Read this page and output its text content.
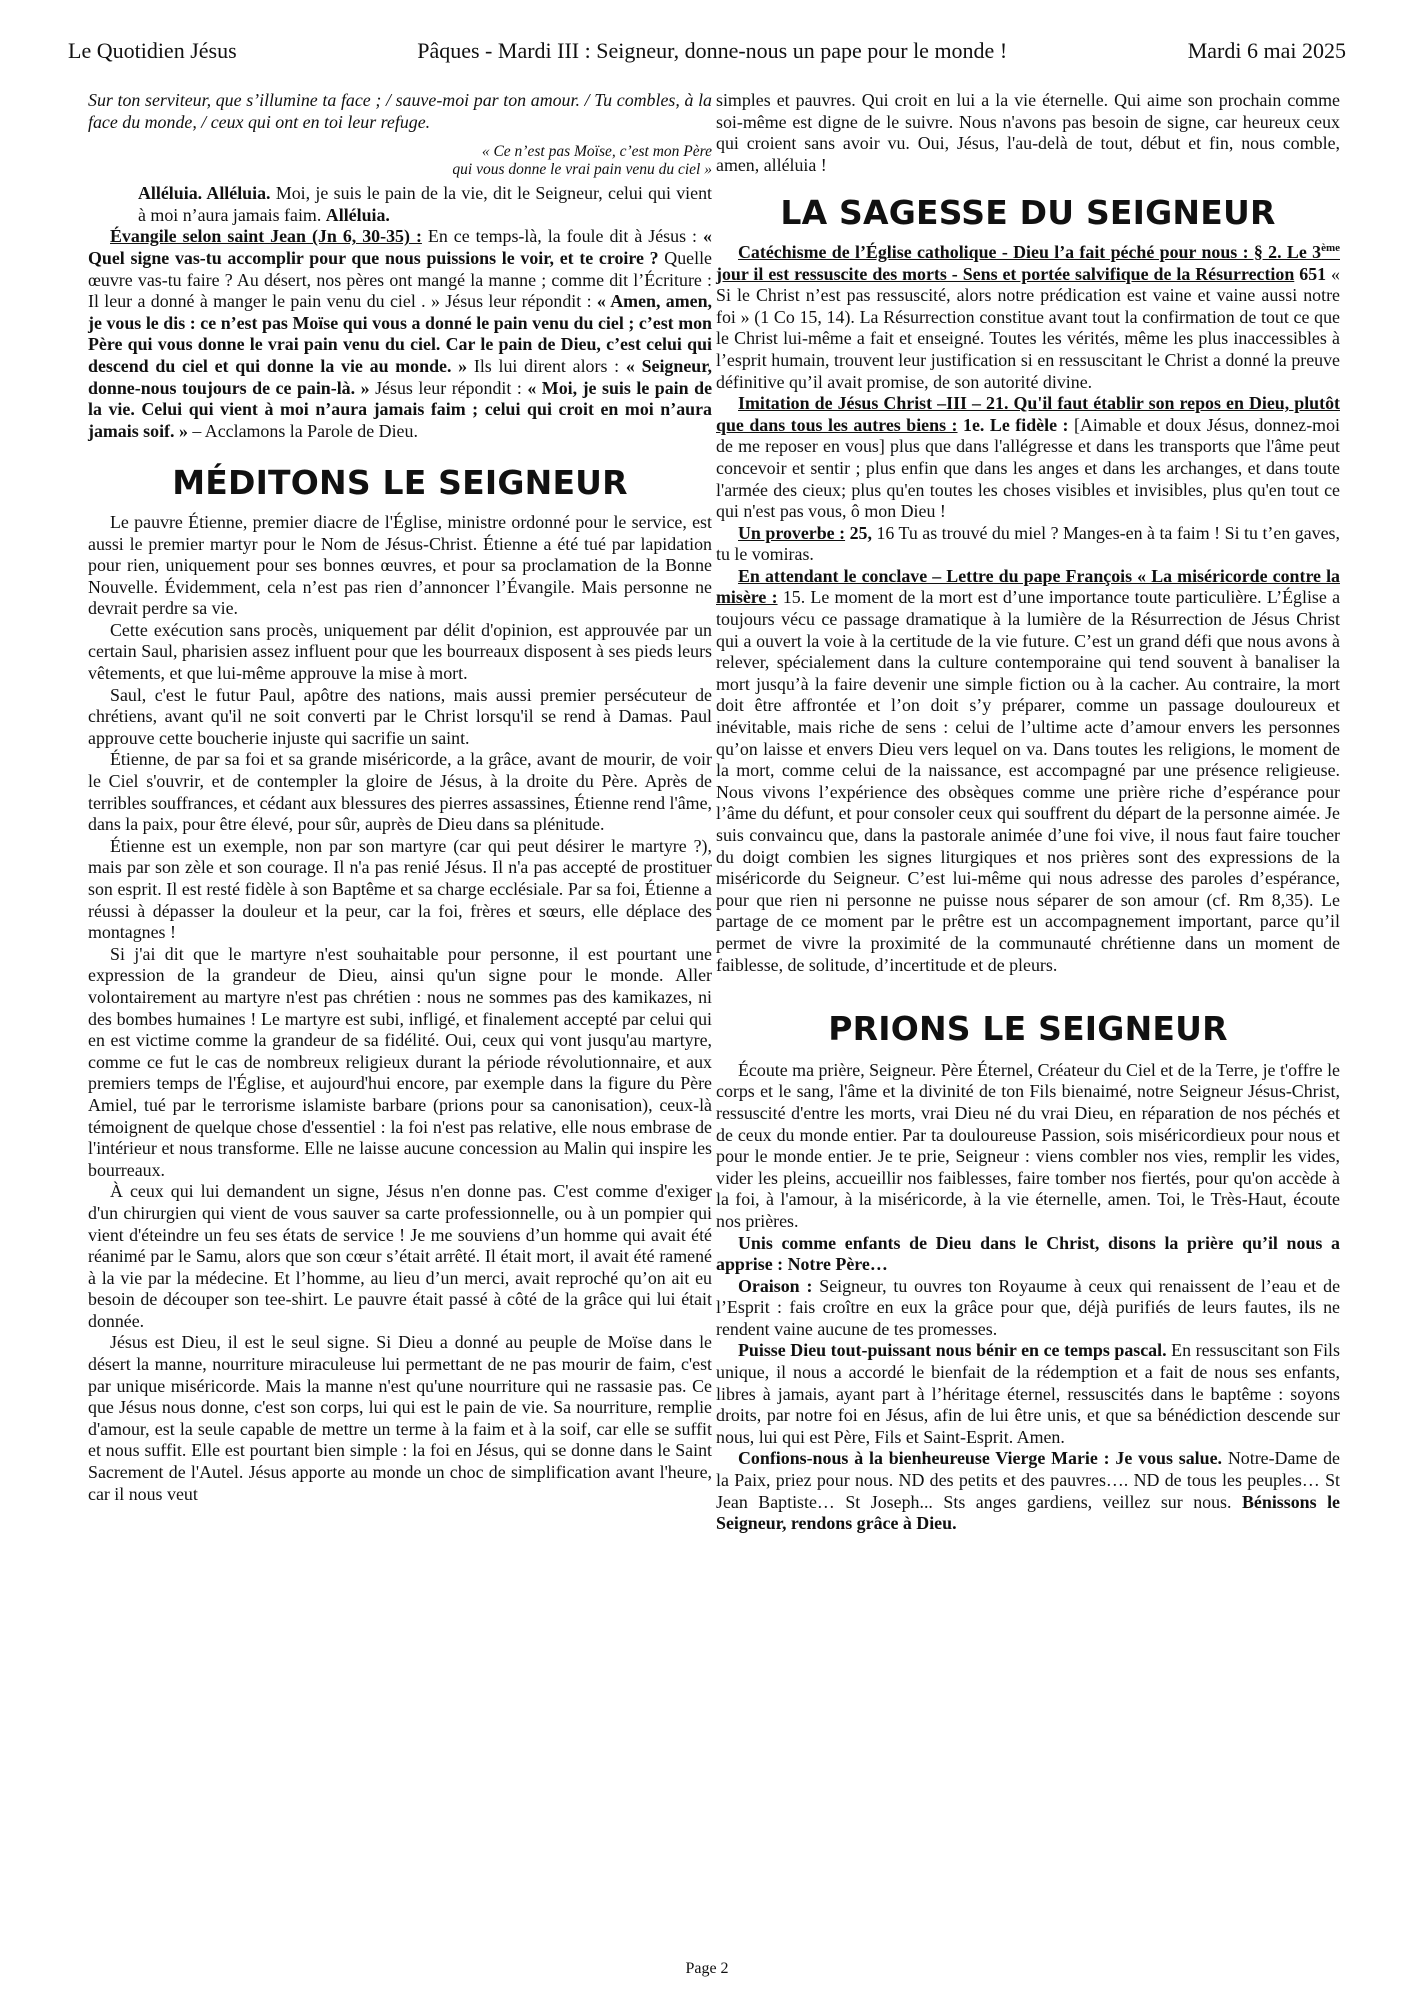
Le Quotidien Jésus	Pâques - Mardi III : Seigneur, donne-nous un pape pour le monde !	Mardi 6 mai 2025

Sur ton serviteur, que s’illumine ta face ; / sauve-moi par ton amour. / Tu combles, à la face du monde, / ceux qui ont en toi leur refuge.

« Ce n’est pas Moïse, c’est mon Père
qui vous donne le vrai pain venu du ciel »

Alléluia. Alléluia. Moi, je suis le pain de la vie, dit le Seigneur, celui qui vient à moi n’aura jamais faim. Alléluia.

Évangile selon saint Jean (Jn 6, 30-35) : En ce temps-là, la foule dit à Jésus : « Quel signe vas-tu accomplir pour que nous puissions le voir, et te croire ? Quelle œuvre vas-tu faire ? Au désert, nos pères ont mangé la manne ; comme dit l’Écriture : Il leur a donné à manger le pain venu du ciel . » Jésus leur répondit : « Amen, amen, je vous le dis : ce n’est pas Moïse qui vous a donné le pain venu du ciel ; c’est mon Père qui vous donne le vrai pain venu du ciel. Car le pain de Dieu, c’est celui qui descend du ciel et qui donne la vie au monde. » Ils lui dirent alors : « Seigneur, donne-nous toujours de ce pain-là. » Jésus leur répondit : « Moi, je suis le pain de la vie. Celui qui vient à moi n’aura jamais faim ; celui qui croit en moi n’aura jamais soif. » – Acclamons la Parole de Dieu.

MÉDITONS LE SEIGNEUR

Le pauvre Étienne, premier diacre de l'Église, ministre ordonné pour le service, est aussi le premier martyr pour le Nom de Jésus-Christ. Étienne a été tué par lapidation pour rien, uniquement pour ses bonnes œuvres, et pour sa proclamation de la Bonne Nouvelle. Évidemment, cela n’est pas rien d’annoncer l’Évangile. Mais personne ne devrait perdre sa vie.

Cette exécution sans procès, uniquement par délit d'opinion, est approuvée par un certain Saul, pharisien assez influent pour que les bourreaux disposent à ses pieds leurs vêtements, et que lui-même approuve la mise à mort.

Saul, c'est le futur Paul, apôtre des nations, mais aussi premier persécuteur de chrétiens, avant qu'il ne soit converti par le Christ lorsqu'il se rend à Damas. Paul approuve cette boucherie injuste qui sacrifie un saint.

Étienne, de par sa foi et sa grande miséricorde, a la grâce, avant de mourir, de voir le Ciel s'ouvrir, et de contempler la gloire de Jésus, à la droite du Père. Après de terribles souffrances, et cédant aux blessures des pierres assassines, Étienne rend l'âme, dans la paix, pour être élevé, pour sûr, auprès de Dieu dans sa plénitude.

Étienne est un exemple, non par son martyre (car qui peut désirer le martyre ?), mais par son zèle et son courage. Il n'a pas renié Jésus. Il n'a pas accepté de prostituer son esprit. Il est resté fidèle à son Baptême et sa charge ecclésiale. Par sa foi, Étienne a réussi à dépasser la douleur et la peur, car la foi, frères et sœurs, elle déplace des montagnes !

Si j'ai dit que le martyre n'est souhaitable pour personne, il est pourtant une expression de la grandeur de Dieu, ainsi qu'un signe pour le monde. Aller volontairement au martyre n'est pas chrétien : nous ne sommes pas des kamikazes, ni des bombes humaines ! Le martyre est subi, infligé, et finalement accepté par celui qui en est victime comme la grandeur de sa fidélité. Oui, ceux qui vont jusqu'au martyre, comme ce fut le cas de nombreux religieux durant la période révolutionnaire, et aux premiers temps de l'Église, et aujourd'hui encore, par exemple dans la figure du Père Amiel, tué par le terrorisme islamiste barbare (prions pour sa canonisation), ceux-là témoignent de quelque chose d'essentiel : la foi n'est pas relative, elle nous embrase de l'intérieur et nous transforme. Elle ne laisse aucune concession au Malin qui inspire les bourreaux.

À ceux qui lui demandent un signe, Jésus n'en donne pas. C'est comme d'exiger d'un chirurgien qui vient de vous sauver sa carte professionnelle, ou à un pompier qui vient d'éteindre un feu ses états de service ! Je me souviens d’un homme qui avait été réanimé par le Samu, alors que son cœur s’était arrêté. Il était mort, il avait été ramené à la vie par la médecine. Et l’homme, au lieu d’un merci, avait reproché qu’on ait eu besoin de découper son tee-shirt. Le pauvre était passé à côté de la grâce qui lui était donnée.

Jésus est Dieu, il est le seul signe. Si Dieu a donné au peuple de Moïse dans le désert la manne, nourriture miraculeuse lui permettant de ne pas mourir de faim, c'est par unique miséricorde. Mais la manne n'est qu'une nourriture qui ne rassasie pas. Ce que Jésus nous donne, c'est son corps, lui qui est le pain de vie. Sa nourriture, remplie d'amour, est la seule capable de mettre un terme à la faim et à la soif, car elle se suffit et nous suffit. Elle est pourtant bien simple : la foi en Jésus, qui se donne dans le Saint Sacrement de l'Autel. Jésus apporte au monde un choc de simplification avant l'heure, car il nous veut

simples et pauvres. Qui croit en lui a la vie éternelle. Qui aime son prochain comme soi-même est digne de le suivre. Nous n'avons pas besoin de signe, car heureux ceux qui croient sans avoir vu. Oui, Jésus, l'au-delà de tout, début et fin, nous comble, amen, alléluia !

LA SAGESSE DU SEIGNEUR

Catéchisme de l’Église catholique - Dieu l’a fait péché pour nous : § 2. Le 3ème jour il est ressuscite des morts - Sens et portée salvifique de la Résurrection 651 « Si le Christ n’est pas ressuscité, alors notre prédication est vaine et vaine aussi notre foi » (1 Co 15, 14). La Résurrection constitue avant tout la confirmation de tout ce que le Christ lui-même a fait et enseigné. Toutes les vérités, même les plus inaccessibles à l’esprit humain, trouvent leur justification si en ressuscitant le Christ a donné la preuve définitive qu’il avait promise, de son autorité divine.

Imitation de Jésus Christ –III – 21. Qu'il faut établir son repos en Dieu, plutôt que dans tous les autres biens : 1e. Le fidèle : [Aimable et doux Jésus, donnez-moi de me reposer en vous] plus que dans l'allégresse et dans les transports que l'âme peut concevoir et sentir ; plus enfin que dans les anges et dans les archanges, et dans toute l'armée des cieux; plus qu'en toutes les choses visibles et invisibles, plus qu'en tout ce qui n'est pas vous, ô mon Dieu !

Un proverbe : 25, 16 Tu as trouvé du miel ? Manges-en à ta faim ! Si tu t’en gaves, tu le vomiras.

En attendant le conclave – Lettre du pape François « La miséricorde contre la misère : 15. Le moment de la mort est d’une importance toute particulière. L’Église a toujours vécu ce passage dramatique à la lumière de la Résurrection de Jésus Christ qui a ouvert la voie à la certitude de la vie future. C’est un grand défi que nous avons à relever, spécialement dans la culture contemporaine qui tend souvent à banaliser la mort jusqu’à la faire devenir une simple fiction ou à la cacher. Au contraire, la mort doit être affrontée et l’on doit s’y préparer, comme un passage douloureux et inévitable, mais riche de sens : celui de l’ultime acte d’amour envers les personnes qu’on laisse et envers Dieu vers lequel on va. Dans toutes les religions, le moment de la mort, comme celui de la naissance, est accompagné par une présence religieuse. Nous vivons l’expérience des obsèques comme une prière riche d’espérance pour l’âme du défunt, et pour consoler ceux qui souffrent du départ de la personne aimée. Je suis convaincu que, dans la pastorale animée d’une foi vive, il nous faut faire toucher du doigt combien les signes liturgiques et nos prières sont des expressions de la miséricorde du Seigneur. C’est lui-même qui nous adresse des paroles d’espérance, pour que rien ni personne ne puisse nous séparer de son amour (cf. Rm 8,35). Le partage de ce moment par le prêtre est un accompagnement important, parce qu’il permet de vivre la proximité de la communauté chrétienne dans un moment de faiblesse, de solitude, d’incertitude et de pleurs.

PRIONS LE SEIGNEUR

Écoute ma prière, Seigneur. Père Éternel, Créateur du Ciel et de la Terre, je t'offre le corps et le sang, l'âme et la divinité de ton Fils bienaimé, notre Seigneur Jésus-Christ, ressuscité d'entre les morts, vrai Dieu né du vrai Dieu, en réparation de nos péchés et de ceux du monde entier. Par ta douloureuse Passion, sois miséricordieux pour nous et pour le monde entier. Je te prie, Seigneur : viens combler nos vies, remplir les vides, vider les pleins, accueillir nos faiblesses, faire tomber nos fiertés, pour qu'on accède à la foi, à l'amour, à la miséricorde, à la vie éternelle, amen. Toi, le Très-Haut, écoute nos prières.

Unis comme enfants de Dieu dans le Christ, disons la prière qu’il nous a apprise : Notre Père…

Oraison : Seigneur, tu ouvres ton Royaume à ceux qui renaissent de l’eau et de l’Esprit : fais croître en eux la grâce pour que, déjà purifiés de leurs fautes, ils ne rendent vaine aucune de tes promesses.

Puisse Dieu tout-puissant nous bénir en ce temps pascal. En ressuscitant son Fils unique, il nous a accordé le bienfait de la rédemption et a fait de nous ses enfants, libres à jamais, ayant part à l’héritage éternel, ressuscités dans le baptême : soyons droits, par notre foi en Jésus, afin de lui être unis, et que sa bénédiction descende sur nous, lui qui est Père, Fils et Saint-Esprit. Amen.

Confions-nous à la bienheureuse Vierge Marie : Je vous salue. Notre-Dame de la Paix, priez pour nous. ND des petits et des pauvres…. ND de tous les peuples… St Jean Baptiste… St Joseph... Sts anges gardiens, veillez sur nous. Bénissons le Seigneur, rendons grâce à Dieu.

Page 2
